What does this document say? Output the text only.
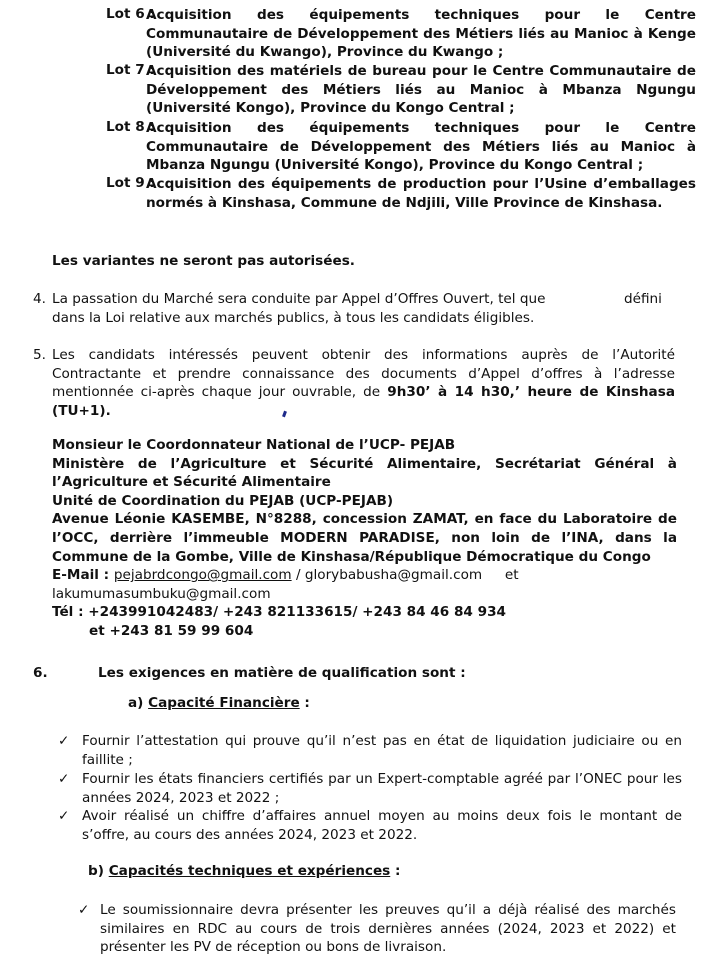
Lot 6 :

Acquisition des équipements techniques pour le Centre Communautaire de Développement des Métiers liés au Manioc à Kenge (Université du Kwango), Province du Kwango ;

Lot 7 :

Acquisition des matériels de bureau pour le Centre Communautaire de Développement des Métiers liés au Manioc à Mbanza Ngungu (Université Kongo), Province du Kongo Central ;

Lot 8 :

Acquisition des équipements techniques pour le Centre Communautaire de Développement des Métiers liés au Manioc à Mbanza Ngungu (Université Kongo), Province du Kongo Central ;

Lot 9 :

Acquisition des équipements de production pour l’Usine d’emballages normés à Kinshasa, Commune de Ndjili, Ville Province de Kinshasa.

Les variantes ne seront pas autorisées.

4. La passation du Marché sera conduite par Appel d’Offres Ouvert, tel que	défini

dans la Loi relative aux marchés publics, à tous les candidats éligibles.

5. Les candidats intéressés peuvent obtenir des informations auprès de l’Autorité Contractante et prendre connaissance des documents d’Appel d’offres à l’adresse mentionnée ci-après chaque jour ouvrable, de 9h30’ à 14 h30,’ heure de Kinshasa (TU+1).

Monsieur le Coordonnateur National de l’UCP- PEJAB
Ministère de l’Agriculture et Sécurité Alimentaire, Secrétariat Général à l’Agriculture et Sécurité Alimentaire
Unité de Coordination du PEJAB (UCP-PEJAB)
Avenue Léonie KASEMBE, N°8288, concession ZAMAT, en face du Laboratoire de l’OCC, derrière l’immeuble MODERN PARADISE, non loin de l’INA, dans la Commune de la Gombe, Ville de Kinshasa/République Démocratique du Congo
E-Mail : pejabrdcongo@gmail.com / glorybabusha@gmail.com et
lakumumasumbuku@gmail.com
Tél : +243991042483/ +243 821133615/ +243 84 46 84 934
et +243 81 59 99 604
6.	Les exigences en matière de qualification sont :

a) Capacité Financière :

✓ Fournir l’attestation qui prouve qu’il n’est pas en état de liquidation judiciaire ou en faillite ;

✓ Fournir les états financiers certifiés par un Expert-comptable agréé par l’ONEC pour les années 2024, 2023 et 2022 ;

✓ Avoir réalisé un chiffre d’affaires annuel moyen au moins deux fois le montant de s’offre, au cours des années 2024, 2023 et 2022.

b) Capacités techniques et expériences :

✓ Le soumissionnaire devra présenter les preuves qu’il a déjà réalisé des marchés similaires en RDC au cours de trois dernières années (2024, 2023 et 2022) et présenter les PV de réception ou bons de livraison.
